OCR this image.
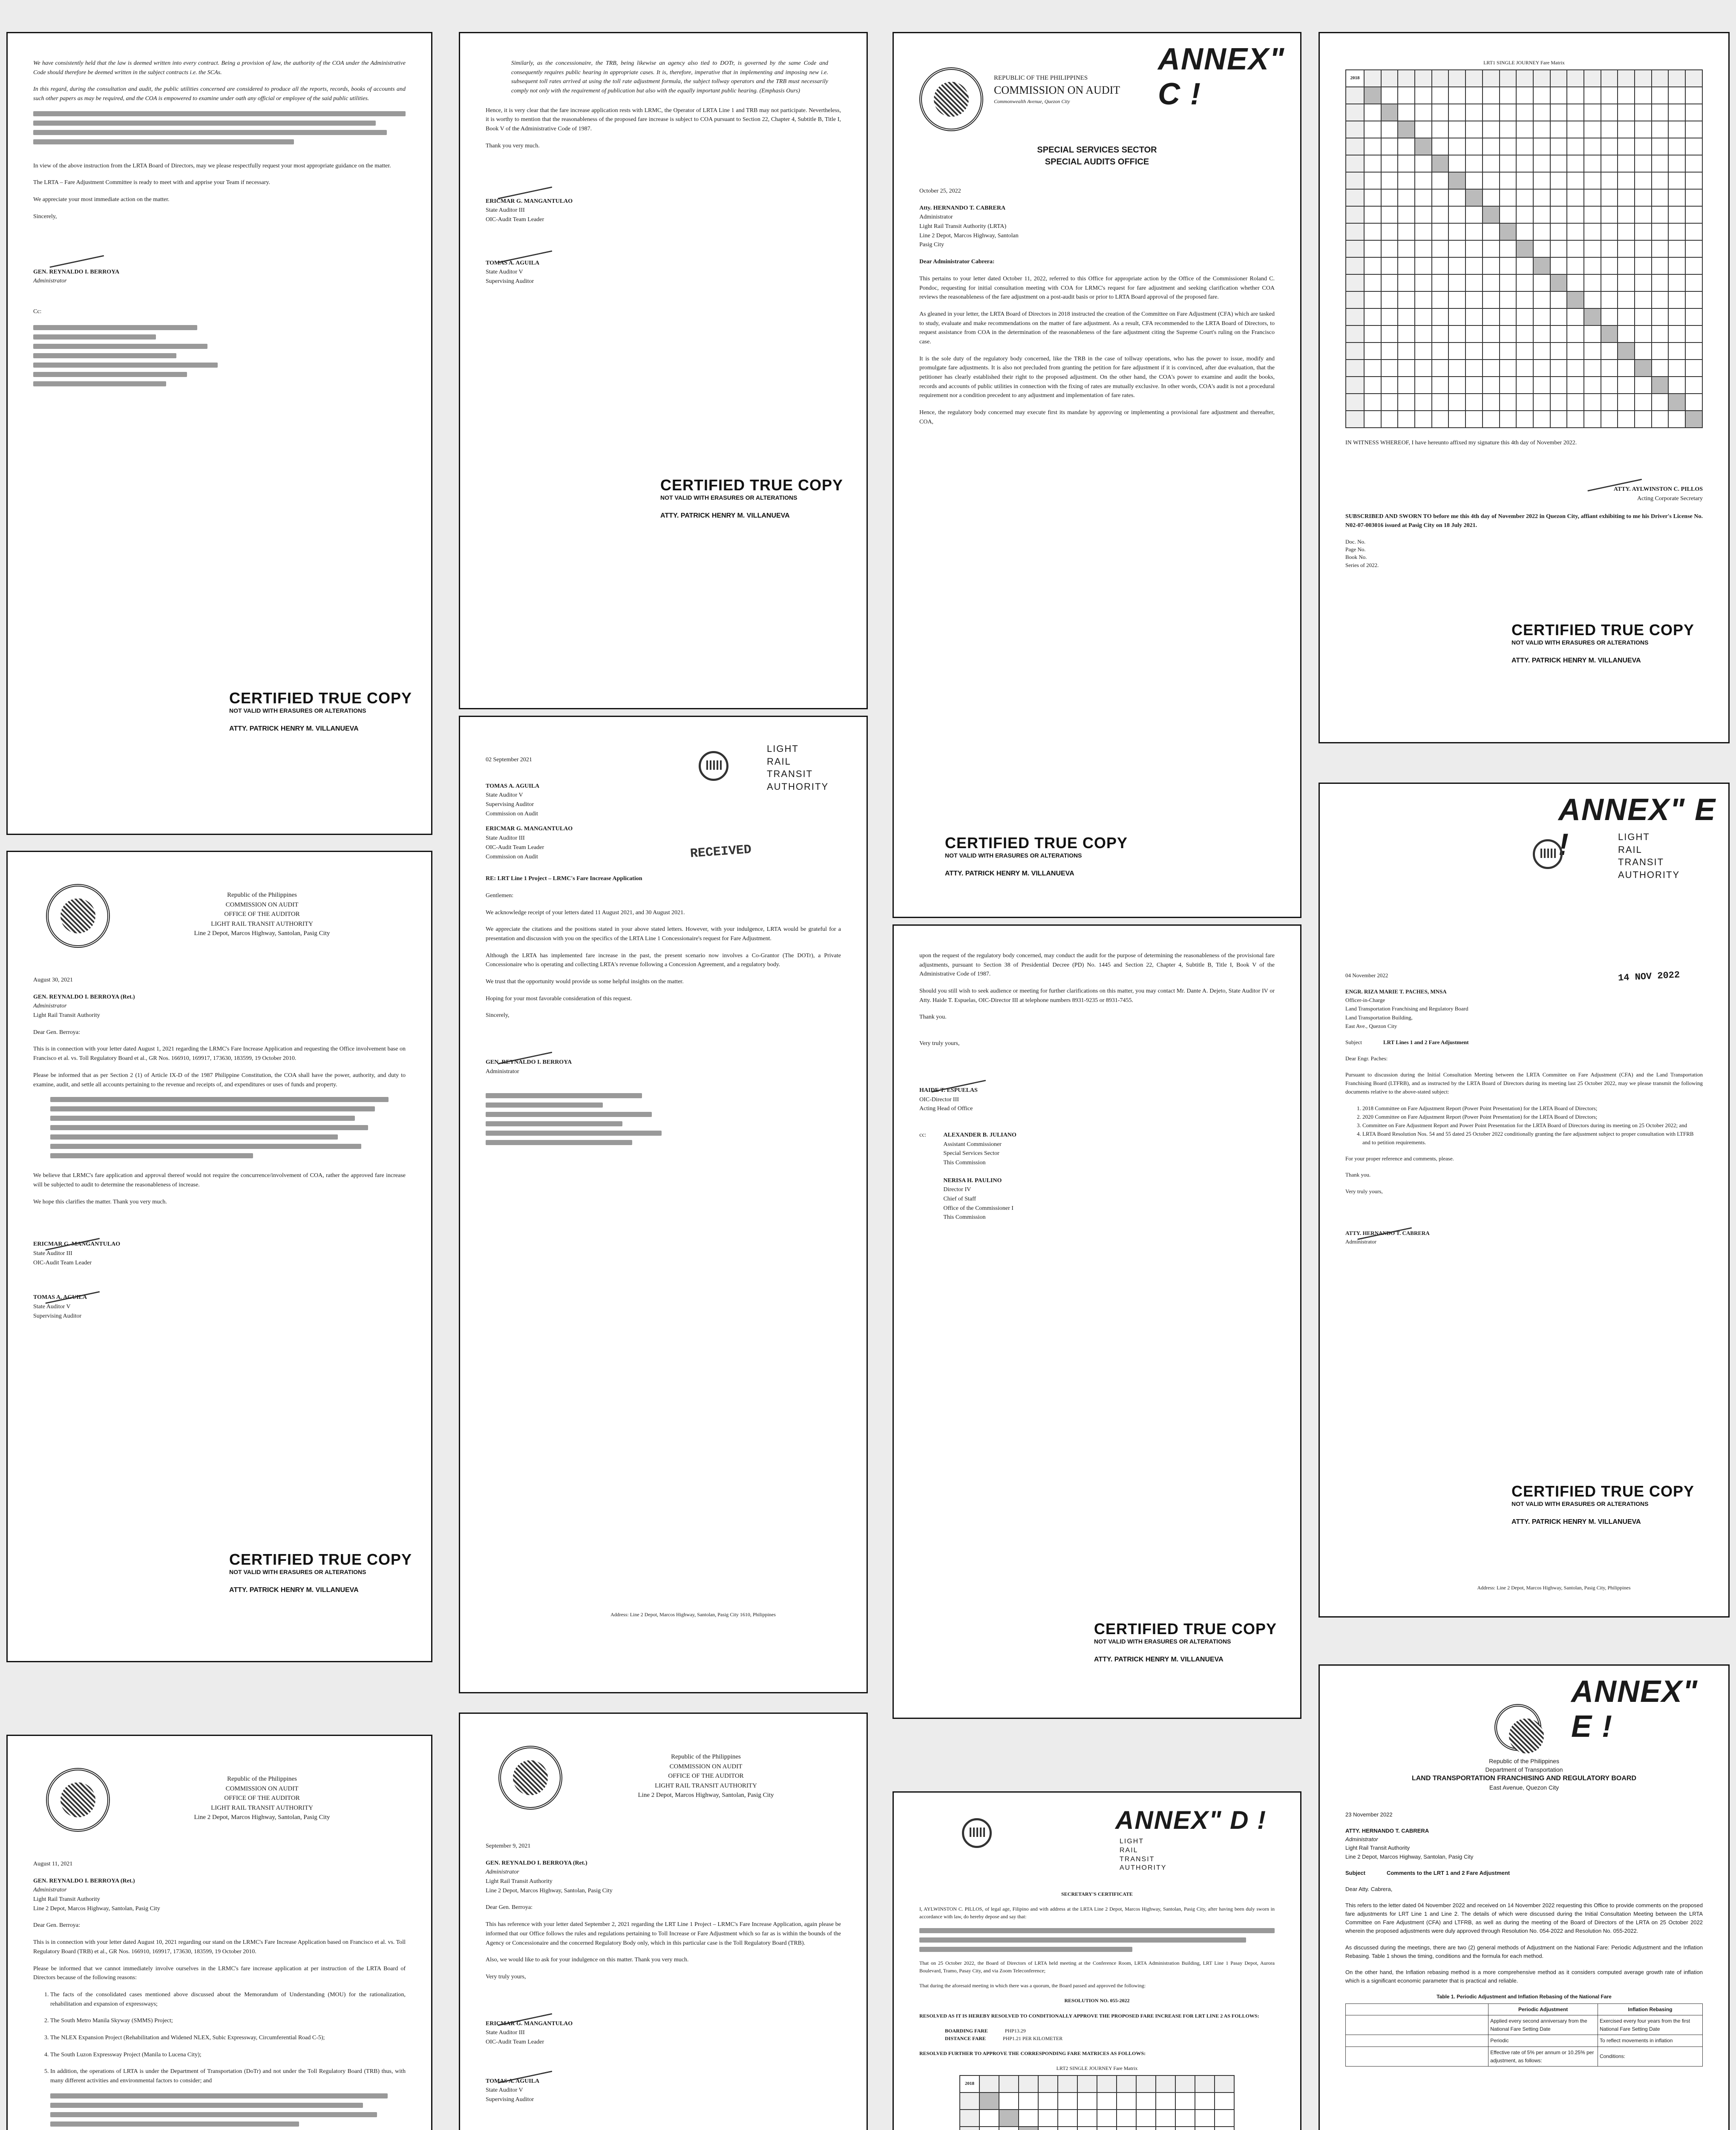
We have consistently held that the law is deemed written into every contract. Being a provision of law, the authority of the COA under the Administrative Code should therefore be deemed written in the subject contracts i.e. the SCAs.

In this regard, during the consultation and audit, the public utilities concerned are considered to produce all the reports, records, books of accounts and such other papers as may be required, and the COA is empowered to examine under oath any official or employee of the said public utilities.

In view of the above instruction from the LRTA Board of Directors, may we please respectfully request your most appropriate guidance on the matter.

The LRTA – Fare Adjustment Committee is ready to meet with and apprise your Team if necessary.

We appreciate your most immediate action on the matter.

Sincerely,

GEN. REYNALDO I. BERROYA
Administrator
Cc:
CERTIFIED TRUE COPY
NOT VALID WITH ERASURES OR ALTERATIONS
ATTY. PATRICK HENRY M. VILLANUEVA
Republic of the Philippines
COMMISSION ON AUDIT
OFFICE OF THE AUDITOR
LIGHT RAIL TRANSIT AUTHORITY
Line 2 Depot, Marcos Highway, Santolan, Pasig City

August 30, 2021

GEN. REYNALDO I. BERROYA (Ret.)
Administrator
Light Rail Transit Authority

Dear Gen. Berroya:

This is in connection with your letter dated August 1, 2021 regarding the LRMC's Fare Increase Application and requesting the Office involvement base on Francisco et al. vs. Toll Regulatory Board et al., GR Nos. 166910, 169917, 173630, 183599, 19 October 2010.

Please be informed that as per Section 2 (1) of Article IX-D of the 1987 Philippine Constitution, the COA shall have the power, authority, and duty to examine, audit, and settle all accounts pertaining to the revenue and receipts of, and expenditures or uses of funds and property.

We believe that LRMC's fare application and approval thereof would not require the concurrence/involvement of COA, rather the approved fare increase will be subjected to audit to determine the reasonableness of increase.

We hope this clarifies the matter. Thank you very much.

ERICMAR G. MANGANTULAO
State Auditor III
OIC-Audit Team Leader
TOMAS A. AGUILA
State Auditor V
Supervising Auditor
CERTIFIED TRUE COPY
NOT VALID WITH ERASURES OR ALTERATIONS
ATTY. PATRICK HENRY M. VILLANUEVA
Republic of the Philippines
COMMISSION ON AUDIT
OFFICE OF THE AUDITOR
LIGHT RAIL TRANSIT AUTHORITY
Line 2 Depot, Marcos Highway, Santolan, Pasig City

August 11, 2021

GEN. REYNALDO I. BERROYA (Ret.)
Administrator
Light Rail Transit Authority
Line 2 Depot, Marcos Highway, Santolan, Pasig City

Dear Gen. Berroya:

This is in connection with your letter dated August 10, 2021 regarding our stand on the LRMC's Fare Increase Application based on Francisco et al. vs. Toll Regulatory Board (TRB) et al., GR Nos. 166910, 169917, 173630, 183599, 19 October 2010.

Please be informed that we cannot immediately involve ourselves in the LRMC's fare increase application at per instruction of the LRTA Board of Directors because of the following reasons:

1. The facts of the consolidated cases mentioned above discussed about the Memorandum of Understanding (MOU) for the rationalization, rehabilitation and expansion of expressways;
2. The South Metro Manila Skyway (SMMS) Project;
3. The NLEX Expansion Project (Rehabilitation and Widened NLEX, Subic Expressway, Circumferential Road C-5);
4. The South Luzon Expressway Project (Manila to Lucena City);
5. In addition, the operations of LRTA is under the Department of Transportation (DoTr) and not under the Toll Regulatory Board (TRB) thus, with many different activities and environmental factors to consider; and

Similarly, as the concessionaire, the TRB, being likewise an agency also tied to DOTr, is governed by the same Code and consequently requires public hearing in appropriate cases. It is, therefore, imperative that in implementing and imposing new i.e. subsequent toll rates arrived at using the toll rate adjustment formula, the subject tollway operators and the TRB must necessarily comply not only with the requirement of publication but also with the equally important public hearing. (Emphasis Ours)

Hence, it is very clear that the fare increase application rests with LRMC, the Operator of LRTA Line 1 and TRB may not participate. Nevertheless, it is worthy to mention that the reasonableness of the proposed fare increase is subject to COA pursuant to Section 22, Chapter 4, Subtitle B, Title I, Book V of the Administrative Code of 1987.

Thank you very much.

ERICMAR G. MANGANTULAO
State Auditor III
OIC-Audit Team Leader
TOMAS A. AGUILA
State Auditor V
Supervising Auditor
CERTIFIED TRUE COPY
NOT VALID WITH ERASURES OR ALTERATIONS
ATTY. PATRICK HENRY M. VILLANUEVA
LIGHT
RAIL
TRANSIT
AUTHORITY

02 September 2021

TOMAS A. AGUILA
State Auditor V
Supervising Auditor
Commission on Audit
ERICMAR G. MANGANTULAO
State Auditor III
OIC-Audit Team Leader
Commission on Audit

RE: LRT Line 1 Project – LRMC's Fare Increase Application

Gentlemen:

We acknowledge receipt of your letters dated 11 August 2021, and 30 August 2021.

We appreciate the citations and the positions stated in your above stated letters. However, with your indulgence, LRTA would be grateful for a presentation and discussion with you on the specifics of the LRTA Line 1 Concessionaire's request for Fare Adjustment.

Although the LRTA has implemented fare increase in the past, the present scenario now involves a Co-Grantor (The DOTr), a Private Concessionaire who is operating and collecting LRTA's revenue following a Concession Agreement, and a regulatory body.

We trust that the opportunity would provide us some helpful insights on the matter.

Hoping for your most favorable consideration of this request.

Sincerely,

GEN. REYNALDO I. BERROYA
Administrator
RECEIVED
Address: Line 2 Depot, Marcos Highway, Santolan, Pasig City 1610, Philippines
Republic of the Philippines
COMMISSION ON AUDIT
OFFICE OF THE AUDITOR
LIGHT RAIL TRANSIT AUTHORITY
Line 2 Depot, Marcos Highway, Santolan, Pasig City

September 9, 2021

GEN. REYNALDO I. BERROYA (Ret.)
Administrator
Light Rail Transit Authority
Line 2 Depot, Marcos Highway, Santolan, Pasig City

Dear Gen. Berroya:

This has reference with your letter dated September 2, 2021 regarding the LRT Line 1 Project – LRMC's Fare Increase Application, again please be informed that our Office follows the rules and regulations pertaining to Toll Increase or Fare Adjustment which so far as is within the bounds of the Agency or Concessionaire and the concerned Regulatory Body only, which in this particular case is the Toll Regulatory Board (TRB).

Also, we would like to ask for your indulgence on this matter. Thank you very much.

Very truly yours,

ERICMAR G. MANGANTULAO
State Auditor III
OIC-Audit Team Leader
TOMAS A. AGUILA
State Auditor V
Supervising Auditor
ANNEX" C !
REPUBLIC OF THE PHILIPPINES
COMMISSION ON AUDIT
Commonwealth Avenue, Quezon City
SPECIAL SERVICES SECTOR
SPECIAL AUDITS OFFICE

October 25, 2022

Atty. HERNANDO T. CABRERA
Administrator
Light Rail Transit Authority (LRTA)
Line 2 Depot, Marcos Highway, Santolan
Pasig City

Dear Administrator Cabrera:

This pertains to your letter dated October 11, 2022, referred to this Office for appropriate action by the Office of the Commissioner Roland C. Pondoc, requesting for initial consultation meeting with COA for LRMC's request for fare adjustment and seeking clarification whether COA reviews the reasonableness of the fare adjustment on a post-audit basis or prior to LRTA Board approval of the proposed fare.

As gleaned in your letter, the LRTA Board of Directors in 2018 instructed the creation of the Committee on Fare Adjustment (CFA) which are tasked to study, evaluate and make recommendations on the matter of fare adjustment. As a result, CFA recommended to the LRTA Board of Directors, to request assistance from COA in the determination of the reasonableness of the fare adjustment citing the Supreme Court's ruling on the Francisco case.

It is the sole duty of the regulatory body concerned, like the TRB in the case of tollway operations, who has the power to issue, modify and promulgate fare adjustments. It is also not precluded from granting the petition for fare adjustment if it is convinced, after due evaluation, that the petitioner has clearly established their right to the proposed adjustment. On the other hand, the COA's power to examine and audit the books, records and accounts of public utilities in connection with the fixing of rates are mutually exclusive. In other words, COA's audit is not a procedural requirement nor a condition precedent to any adjustment and implementation of fare rates.

Hence, the regulatory body concerned may execute first its mandate by approving or implementing a provisional fare adjustment and thereafter, COA,

CERTIFIED TRUE COPY
NOT VALID WITH ERASURES OR ALTERATIONS
ATTY. PATRICK HENRY M. VILLANUEVA

upon the request of the regulatory body concerned, may conduct the audit for the purpose of determining the reasonableness of the provisional fare adjustments, pursuant to Section 38 of Presidential Decree (PD) No. 1445 and Section 22, Chapter 4, Subtitle B, Title I, Book V of the Administrative Code of 1987.

Should you still wish to seek audience or meeting for further clarifications on this matter, you may contact Mr. Dante A. Dejeto, State Auditor IV or Atty. Haide T. Espuelas, OIC-Director III at telephone numbers 8931-9235 or 8931-7455.

Thank you.

Very truly yours,

HAIDE T. ESPUELAS
OIC-Director III
Acting Head of Office
cc:	ALEXANDER B. JULIANO
Assistant Commissioner
Special Services Sector
This Commission
NERISA H. PAULINO
Director IV
Chief of Staff
Office of the Commissioner I
This Commission
CERTIFIED TRUE COPY
NOT VALID WITH ERASURES OR ALTERATIONS
ATTY. PATRICK HENRY M. VILLANUEVA
ANNEX" D !
LIGHT
RAIL
TRANSIT
AUTHORITY

SECRETARY'S CERTIFICATE

I, AYLWINSTON C. PILLOS, of legal age, Filipino and with address at the LRTA Line 2 Depot, Marcos Highway, Santolan, Pasig City, after having been duly sworn in accordance with law, do hereby depose and say that:

That on 25 October 2022, the Board of Directors of LRTA held meeting at the Conference Room, LRTA Administration Building, LRT Line 1 Pasay Depot, Aurora Boulevard, Tramo, Pasay City, and via Zoom Teleconference;

That during the aforesaid meeting in which there was a quorum, the Board passed and approved the following:

RESOLUTION NO. 055-2022

RESOLVED AS IT IS HEREBY RESOLVED TO CONDITIONALLY APPROVE THE PROPOSED FARE INCREASE FOR LRT LINE 2 AS FOLLOWS:

BOARDING FARE	PHP13.29
DISTANCE FARE	PHP1.21 PER KILOMETER

RESOLVED FURTHER TO APPROVE THE CORRESPONDING FARE MATRICES AS FOLLOWS:

LRT2 SINGLE JOURNEY Fare Matrix
2018													

LRT1 SINGLE JOURNEY Fare Matrix
2018																				

IN WITNESS WHEREOF, I have hereunto affixed my signature this 4th day of November 2022.

ATTY. AYLWINSTON C. PILLOS
Acting Corporate Secretary

SUBSCRIBED AND SWORN TO before me this 4th day of November 2022 in Quezon City, affiant exhibiting to me his Driver's License No. N02-07-003016 issued at Pasig City on 18 July 2021.

Doc. No.
Page No.
Book No.
Series of 2022.
CERTIFIED TRUE COPY
NOT VALID WITH ERASURES OR ALTERATIONS
ATTY. PATRICK HENRY M. VILLANUEVA
ANNEX" E !	LIGHT
RAIL
TRANSIT
AUTHORITY
14 NOV 2022

04 November 2022

ENGR. RIZA MARIE T. PACHES, MNSA
Officer-in-Charge
Land Transportation Franchising and Regulatory Board
Land Transportation Building,
East Ave., Quezon City
Subject	LRT Lines 1 and 2 Fare Adjustment

Dear Engr. Paches:

Pursuant to discussion during the Initial Consultation Meeting between the LRTA Committee on Fare Adjustment (CFA) and the Land Transportation Franchising Board (LTFRB), and as instructed by the LRTA Board of Directors during its meeting last 25 October 2022, may we please transmit the following documents relative to the above-stated subject:

1. 2018 Committee on Fare Adjustment Report (Power Point Presentation) for the LRTA Board of Directors;
2. 2020 Committee on Fare Adjustment Report (Power Point Presentation) for the LRTA Board of Directors;
3. Committee on Fare Adjustment Report and Power Point Presentation for the LRTA Board of Directors during its meeting on 25 October 2022; and
4. LRTA Board Resolution Nos. 54 and 55 dated 25 October 2022 conditionally granting the fare adjustment subject to proper consultation with LTFRB and to petition requirements.

For your proper reference and comments, please.

Thank you.

Very truly yours,

ATTY. HERNANDO T. CABRERA
Administrator
CERTIFIED TRUE COPY
NOT VALID WITH ERASURES OR ALTERATIONS
ATTY. PATRICK HENRY M. VILLANUEVA
Address: Line 2 Depot, Marcos Highway, Santolan, Pasig City, Philippines
ANNEX" E !
Republic of the Philippines
Department of Transportation
LAND TRANSPORTATION FRANCHISING AND REGULATORY BOARD
East Avenue, Quezon City

23 November 2022

ATTY. HERNANDO T. CABRERA
Administrator
Light Rail Transit Authority
Line 2 Depot, Marcos Highway, Santolan, Pasig City
Subject	Comments to the LRT 1 and 2 Fare Adjustment

Dear Atty. Cabrera,

This refers to the letter dated 04 November 2022 and received on 14 November 2022 requesting this Office to provide comments on the proposed fare adjustments for LRT Line 1 and Line 2. The details of which were discussed during the Initial Consultation Meeting between the LRTA Committee on Fare Adjustment (CFA) and LTFRB, as well as during the meeting of the Board of Directors of the LRTA on 25 October 2022 wherein the proposed adjustments were duly approved through Resolution No. 054-2022 and Resolution No. 055-2022.

As discussed during the meetings, there are two (2) general methods of Adjustment on the National Fare: Periodic Adjustment and the Inflation Rebasing. Table 1 shows the timing, conditions and the formula for each method.

On the other hand, the Inflation rebasing method is a more comprehensive method as it considers computed average growth rate of inflation which is a significant economic parameter that is practical and reliable.

Table 1. Periodic Adjustment and Inflation Rebasing of the National Fare
	Periodic Adjustment	Inflation Rebasing
	Applied every second anniversary from the National Fare Setting Date	Exercised every four years from the first National Fare Setting Date
	Periodic	To reflect movements in inflation
	Effective rate of 5% per annum or 10.25% per adjustment, as follows:	Conditions:
